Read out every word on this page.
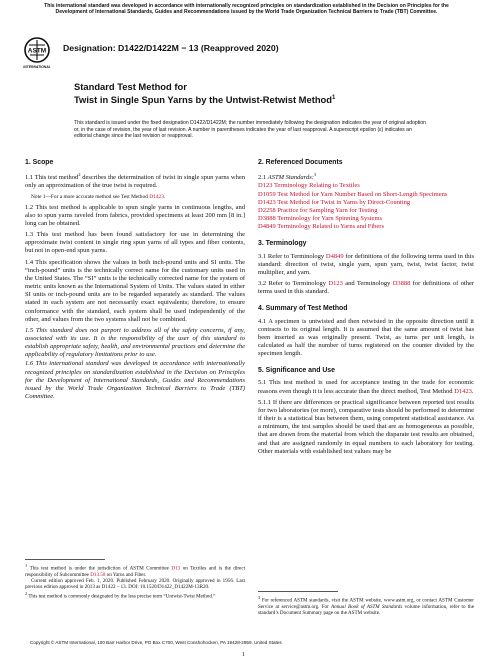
This international standard was developed in accordance with internationally recognized principles on standardization established in the Decision on Principles for the Development of International Standards, Guides and Recommendations issued by the World Trade Organization Technical Barriers to Trade (TBT) Committee.
ASTM
INTERNATIONAL
Designation: D1422/D1422M − 13 (Reapproved 2020)
Standard Test Method for
Twist in Single Spun Yarns by the Untwist-Retwist Method$^1$
This standard is issued under the fixed designation D1422/D1422M; the number immediately following the designation indicates the year of original adoption or, in the case of revision, the year of last revision. A number in parentheses indicates the year of last reapproval. A superscript epsilon (ε) indicates an editorial change since the last revision or reapproval.

1. Scope

1.1 This test method$^2$ describes the determination of twist in single spun yarns when only an approximation of the true twist is required.

Note 1—For a more accurate method see Test Method D1423.

1.2 This test method is applicable to spun single yarns in continuous lengths, and also to spun yarns raveled from fabrics, provided specimens at least 200 mm [8 in.] long can be obtained.

1.3 This test method has been found satisfactory for use in determining the approximate twist content in single ring spun yarns of all types and fiber contents, but not in open-end spun yarns.

1.4 This specification shows the values in both inch-pound units and SI units. The “inch-pound” units is the technically correct name for the customary units used in the United States. The “SI” units is the technically corrected name for the system of metric units known as the International System of Units. The values stated in either SI units or inch-pound units are to be regarded separately as standard. The values stated in each system are not necessarily exact equivalents; therefore, to ensure conformance with the standard, each system shall be used independently of the other, and values from the two systems shall not be combined.

1.5 This standard does not purport to address all of the safety concerns, if any, associated with its use. It is the responsibility of the user of this standard to establish appropriate safety, health, and environmental practices and determine the applicability of regulatory limitations prior to use.

1.6 This international standard was developed in accordance with internationally recognized principles on standardization established in the Decision on Principles for the Development of International Standards, Guides and Recommendations issued by the World Trade Organization Technical Barriers to Trade (TBT) Committee.

$^1$ This test method is under the jurisdiction of ASTM Committee D13 on Textiles and is the direct responsibility of Subcommittee D13.58 on Yarns and Fiber.
Current edition approved Feb. 1, 2020. Published February 2020. Originally approved in 1956. Last previous edition approved in 2013 as D1422 – 13. DOI: 10.1520/D1422_D1422M-13R20.
$^2$ This test method is commonly designated by the less precise term “Untwist-Twist Method.”

2. Referenced Documents

2.1 ASTM Standards:$^3$

D123 Terminology Relating to Textiles

D1059 Test Method for Yarn Number Based on Short-Length Specimens

D1423 Test Method for Twist in Yarns by Direct-Counting

D2258 Practice for Sampling Yarn for Testing

D3888 Terminology for Yarn Spinning Systems

D4849 Terminology Related to Yarns and Fibers

3. Terminology

3.1 Refer to Terminology D4849 for definitions of the following terms used in this standard: direction of twist, single yarn, spun yarn, twist, twist factor, twist multiplier, and yarn.

3.2 Refer to Terminology D123 and Terminology D3888 for definitions of other terms used in this standard.

4. Summary of Test Method

4.1 A specimen is untwisted and then retwisted in the opposite direction until it contracts to its original length. It is assumed that the same amount of twist has been inserted as was originally present. Twist, as turns per unit length, is calculated as half the number of turns registered on the counter divided by the specimen length.

5. Significance and Use

5.1 This test method is used for acceptance testing in the trade for economic reasons even though it is less accurate than the direct method, Test Method D1423.

5.1.1 If there are differences or practical significance between reported test results for two laboratories (or more), comparative tests should be performed to determine if their is a statistical bias between them, using competent statistical assistance. As a minimum, the test samples should be used that are as homogeneous as possible, that are drawn from the material from which the disparate test results are obtained, and that are assigned randomly in equal numbers to each laboratory for testing. Other materials with established test values may be

$^3$ For referenced ASTM standards, visit the ASTM website, www.astm.org, or contact ASTM Customer Service at service@astm.org. For Annual Book of ASTM Standards volume information, refer to the standard’s Document Summary page on the ASTM website.
Copyright © ASTM International, 100 Barr Harbor Drive, PO Box C700, West Conshohocken, PA 19428-2959. United States
1
